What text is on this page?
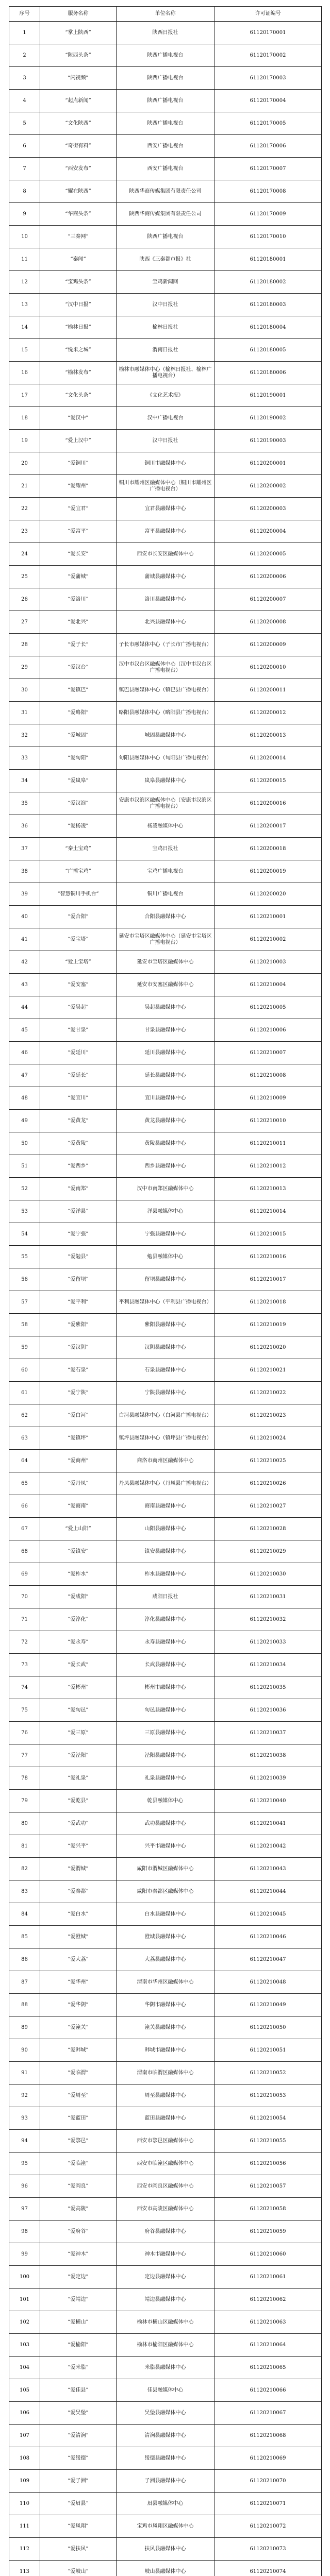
序号	服务名称	单位名称	许可证编号
1	“掌上陕西”	陕西日报社	61120170001
2	“陕西头条”	陕西广播电视台	61120170002
3	“闪视频”	陕西广播电视台	61120170003
4	“起点新闻”	陕西广播电视台	61120170004
5	“文化陕西”	陕西广播电视台	61120170005
6	“奇街有料”	西安广播电视台	61120170006
7	“西安发布”	西安广播电视台	61120170007
8	“耀在陕西”	陕西华商传媒集团有限责任公司	61120170008
9	“华商头条”	陕西华商传媒集团有限责任公司	61120170009
10	“三秦网”	陕西广播电视台	61120170010
11	“秦闻”	陕西《三秦都市报》社	61120180001
12	“宝鸡头条”	宝鸡新闻网	61120180002
13	“汉中日报”	汉中日报社	61120180003
14	“榆林日报”	榆林日报社	61120180004
15	“悦米之城”	渭南日报社	61120180005
16	“榆林发布”	榆林市融媒体中心（榆林日报社、榆林广播电视台）	61120180006
17	“文化头条”	《文化艺术报》	61120190001
18	“爱汉中”	汉中广播电视台	61120190002
19	“爱上汉中”	汉中日报社	61120190003
20	“爱铜川”	铜川市融媒体中心	61120200001
21	“爱耀州”	铜川市耀州区融媒体中心（铜川市耀州区广播电视台）	61120200002
22	“爱宜君”	宜君县融媒体中心	61120200003
23	“爱富平”	富平县融媒体中心	61120200004
24	“爱长安”	西安市长安区融媒体中心	61120200005
25	“爱蒲城”	蒲城县融媒体中心	61120200006
26	“爱洛川”	洛川县融媒体中心	61120200007
27	“爱北兴”	北兴县融媒体中心	61120200008
28	“爱子长”	子长市融媒体中心（子长市广播电视台）	61120200009
29	“爱汉台”	汉中市汉台区融媒体中心（汉中市汉台区广播电视台）	61120200010
30	“爱镇巴”	镇巴县融媒体中心（镇巴县广播电视台）	61120200011
31	“爱略阳”	略阳县融媒体中心（略阳县广播电视台）	61120200012
32	“爱城固”	城固县融媒体中心	61120200013
33	“爱旬阳”	旬阳县融媒体中心（旬阳县广播电视台）	61120200014
34	“爱岚皋”	岚皋县融媒体中心	61120200015
35	“爱汉滨”	安康市汉滨区融媒体中心（安康市汉滨区广播电视台）	61120200016
36	“爱杨凌”	杨凌融媒体中心	61120200017
37	“秦土宝鸡”	宝鸡日报社	61120200018
38	“广播宝鸡”	宝鸡广播电视台	61120200019
39	“智慧铜川手机台”	铜川广播电视台	61120200020
40	“爱合阳”	合阳县融媒体中心	61120210001
41	“爱宝塔”	延安市宝塔区融媒体中心（延安市宝塔区广播电视台）	61120210002
42	“爱上宝塔”	延安市宝塔区融媒体中心	61120210003
43	“爱安塞”	延安市安塞区融媒体中心	61120210004
44	“爱吴起”	吴起县融媒体中心	61120210005
45	“爱甘泉”	甘泉县融媒体中心	61120210006
46	“爱延川”	延川县融媒体中心	61120210007
47	“爱延长”	延长县融媒体中心	61120210008
48	“爱宜川”	宜川县融媒体中心	61120210009
49	“爱黄龙”	黄龙县融媒体中心	61120210010
50	“爱黄陵”	黄陵县融媒体中心	61120210011
51	“爱西乡”	西乡县融媒体中心	61120210012
52	“爱南郑”	汉中市南郑区融媒体中心	61120210013
53	“爱洋县”	洋县融媒体中心	61120210014
54	“爱宁强”	宁强县融媒体中心	61120210015
55	“爱勉县”	勉县融媒体中心	61120210016
56	“爱留坝”	留坝县融媒体中心	61120210017
57	“爱平利”	平利县融媒体中心（平利县广播电视台）	61120210018
58	“爱紫阳”	紫阳县融媒体中心	61120210019
59	“爱汉阴”	汉阴县融媒体中心	61120210020
60	“爱石泉”	石泉县融媒体中心	61120210021
61	“爱宁陕”	宁陕县融媒体中心	61120210022
62	“爱白河”	白河县融媒体中心（白河县广播电视台）	61120210023
63	“爱镇坪”	镇坪县融媒体中心（镇坪县广播电视台）	61120210024
64	“爱商州”	商洛市商州区融媒体中心	61120210025
65	“爱丹凤”	丹凤县融媒体中心（丹凤县广播电视台）	61120210026
66	“爱商南”	商南县融媒体中心	61120210027
67	“爱上山阳”	山阳县融媒体中心	61120210028
68	“爱镇安”	镇安县融媒体中心	61120210029
69	“爱柞水”	柞水县融媒体中心	61120210030
70	“爱咸阳”	咸阳日报社	61120210031
71	“爱淳化”	淳化县融媒体中心	61120210032
72	“爱永寿”	永寿县融媒体中心	61120210033
73	“爱长武”	长武县融媒体中心	61120210034
74	“爱彬州”	彬州市融媒体中心	61120210035
75	“爱旬邑”	旬邑县融媒体中心	61120210036
76	“爱三原”	三原县融媒体中心	61120210037
77	“爱泾阳”	泾阳县融媒体中心	61120210038
78	“爱礼泉”	礼泉县融媒体中心	61120210039
79	“爱乾县”	乾县融媒体中心	61120210040
80	“爱武功”	武功县融媒体中心	61120210041
81	“爱兴平”	兴平市融媒体中心	61120210042
82	“爱渭城”	咸阳市渭城区融媒体中心	61120210043
83	“爱秦都”	咸阳市秦都区融媒体中心	61120210044
84	“爱白水”	白水县融媒体中心	61120210045
85	“爱澄城”	澄城县融媒体中心	61120210046
86	“爱大荔”	大荔县融媒体中心	61120210047
87	“爱华州”	渭南市华州区融媒体中心	61120210048
88	“爱华阴”	华阴市融媒体中心	61120210049
89	“爱潼关”	潼关县融媒体中心	61120210050
90	“爱韩城”	韩城市融媒体中心	61120210051
91	“爱临渭”	渭南市临渭区融媒体中心	61120210052
92	“爱周至”	周至县融媒体中心	61120210053
93	“爱蓝田”	蓝田县融媒体中心	61120210054
94	“爱鄠邑”	西安市鄠邑区融媒体中心	61120210055
95	“爱临潼”	西安市临潼区融媒体中心	61120210056
96	“爱阎良”	西安市阎良区融媒体中心	61120210057
97	“爱高陵”	西安市高陵区融媒体中心	61120210058
98	“爱府谷”	府谷县融媒体中心	61120210059
99	“爱神木”	神木市融媒体中心	61120210060
100	“爱定边”	定边县融媒体中心	61120210061
101	“爱靖边”	靖边县融媒体中心	61120210062
102	“爱横山”	榆林市横山区融媒体中心	61120210063
103	“爱榆阳”	榆林市榆阳区融媒体中心	61120210064
104	“爱米脂”	米脂县融媒体中心	61120210065
105	“爱佳县”	佳县融媒体中心	61120210066
106	“爱吴堡”	吴堡县融媒体中心	61120210067
107	“爱清涧”	清涧县融媒体中心	61120210068
108	“爱绥德”	绥德县融媒体中心	61120210069
109	“爱子洲”	子洲县融媒体中心	61120210070
110	“爱眉县”	眉县融媒体中心	61120210071
111	“爱凤翔”	宝鸡市凤翔区融媒体中心	61120210072
112	“爱扶风”	扶风县融媒体中心	61120210073
113	“爱岐山”	岐山县融媒体中心	61120210074
